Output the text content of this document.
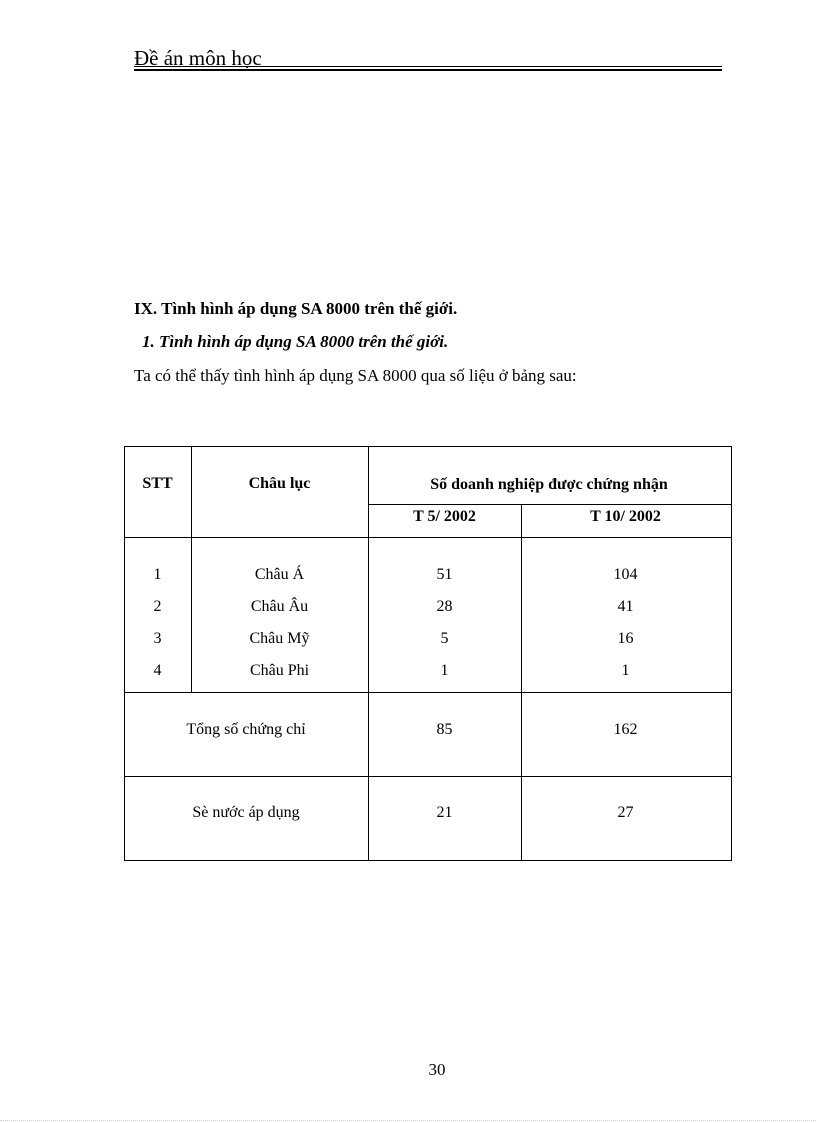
Đề án môn học
IX. Tình hình áp dụng SA 8000 trên thế giới.
1. Tình hình áp dụng SA 8000 trên thế giới.
Ta có thể thấy tình hình áp dụng SA 8000 qua số liệu ở bảng sau:
STT	Châu lục	Số doanh nghiệp được chứng nhận
T 5/ 2002	T 10/ 2002
1	Châu Á	51	104
2	Châu Âu	28	41
3	Châu Mỹ	5	16
4	Châu Phi	1	1
Tổng số chứng chỉ	85	162
Sè nước áp dụng	21	27
30
